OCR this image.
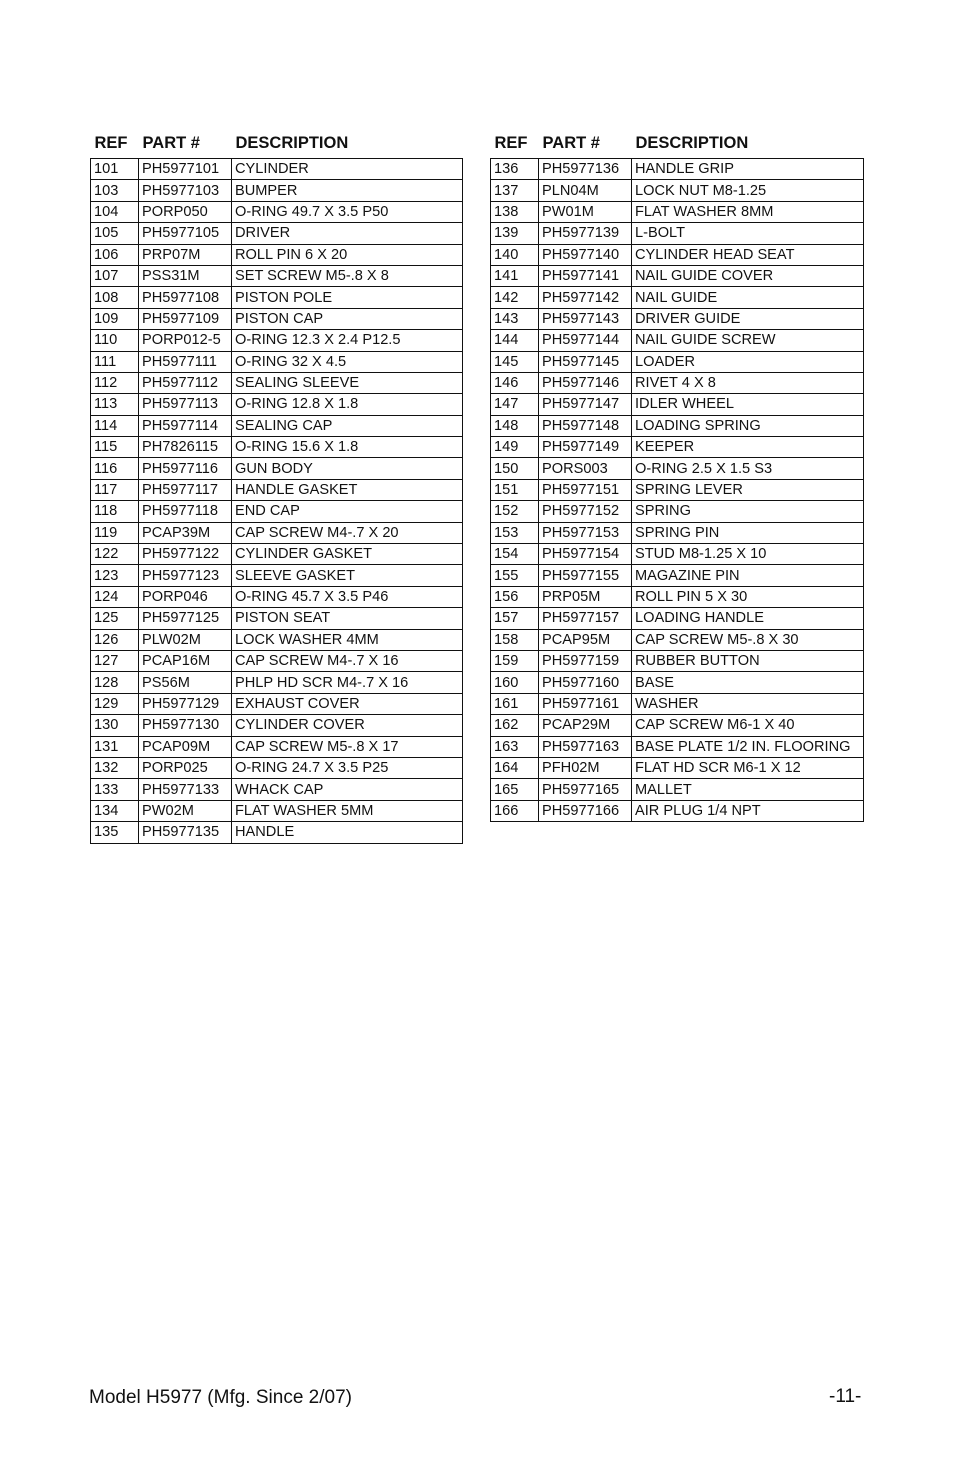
REF	PART #	DESCRIPTION
101	PH5977101	CYLINDER
103	PH5977103	BUMPER
104	PORP050	O-RING 49.7 X 3.5 P50
105	PH5977105	DRIVER
106	PRP07M	ROLL PIN 6 X 20
107	PSS31M	SET SCREW M5-.8 X 8
108	PH5977108	PISTON POLE
109	PH5977109	PISTON CAP
110	PORP012-5	O-RING 12.3 X 2.4 P12.5
111	PH5977111	O-RING 32 X 4.5
112	PH5977112	SEALING SLEEVE
113	PH5977113	O-RING 12.8 X 1.8
114	PH5977114	SEALING CAP
115	PH7826115	O-RING 15.6 X 1.8
116	PH5977116	GUN BODY
117	PH5977117	HANDLE GASKET
118	PH5977118	END CAP
119	PCAP39M	CAP SCREW M4-.7 X 20
122	PH5977122	CYLINDER GASKET
123	PH5977123	SLEEVE GASKET
124	PORP046	O-RING 45.7 X 3.5 P46
125	PH5977125	PISTON SEAT
126	PLW02M	LOCK WASHER 4MM
127	PCAP16M	CAP SCREW M4-.7 X 16
128	PS56M	PHLP HD SCR M4-.7 X 16
129	PH5977129	EXHAUST COVER
130	PH5977130	CYLINDER COVER
131	PCAP09M	CAP SCREW M5-.8 X 17
132	PORP025	O-RING 24.7 X 3.5 P25
133	PH5977133	WHACK CAP
134	PW02M	FLAT WASHER 5MM
135	PH5977135	HANDLE
REF	PART #	DESCRIPTION
136	PH5977136	HANDLE GRIP
137	PLN04M	LOCK NUT M8-1.25
138	PW01M	FLAT WASHER 8MM
139	PH5977139	L-BOLT
140	PH5977140	CYLINDER HEAD SEAT
141	PH5977141	NAIL GUIDE COVER
142	PH5977142	NAIL GUIDE
143	PH5977143	DRIVER GUIDE
144	PH5977144	NAIL GUIDE SCREW
145	PH5977145	LOADER
146	PH5977146	RIVET 4 X 8
147	PH5977147	IDLER WHEEL
148	PH5977148	LOADING SPRING
149	PH5977149	KEEPER
150	PORS003	O-RING 2.5 X 1.5 S3
151	PH5977151	SPRING LEVER
152	PH5977152	SPRING
153	PH5977153	SPRING PIN
154	PH5977154	STUD M8-1.25 X 10
155	PH5977155	MAGAZINE PIN
156	PRP05M	ROLL PIN 5 X 30
157	PH5977157	LOADING HANDLE
158	PCAP95M	CAP SCREW M5-.8 X 30
159	PH5977159	RUBBER BUTTON
160	PH5977160	BASE
161	PH5977161	WASHER
162	PCAP29M	CAP SCREW M6-1 X 40
163	PH5977163	BASE PLATE 1/2 IN. FLOORING
164	PFH02M	FLAT HD SCR M6-1 X 12
165	PH5977165	MALLET
166	PH5977166	AIR PLUG 1/4 NPT
Model H5977 (Mfg. Since 2/07)	-11-
